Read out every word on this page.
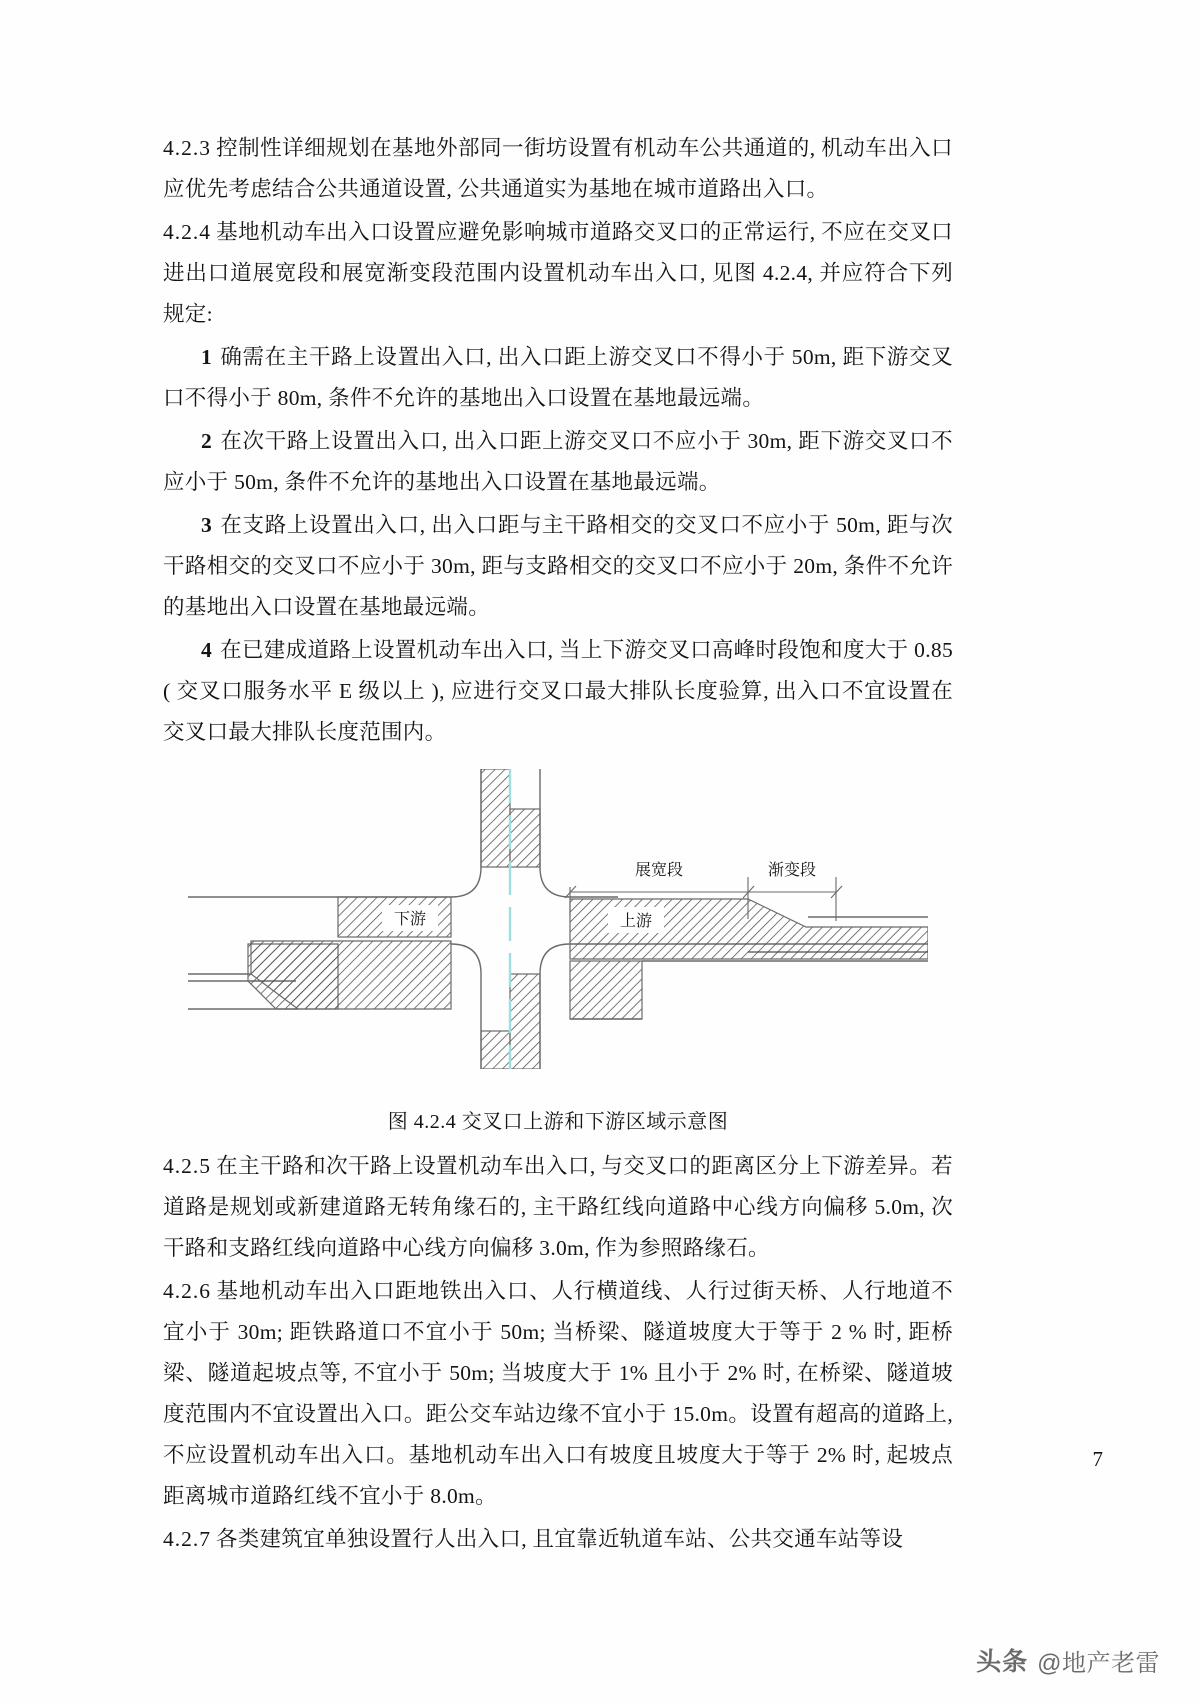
4.2.3 控制性详细规划在基地外部同一街坊设置有机动车公共通道的, 机动车出入口应优先考虑结合公共通道设置, 公共通道实为基地在城市道路出入口。

4.2.4 基地机动车出入口设置应避免影响城市道路交叉口的正常运行, 不应在交叉口进出口道展宽段和展宽渐变段范围内设置机动车出入口, 见图 4.2.4, 并应符合下列规定:

1 确需在主干路上设置出入口, 出入口距上游交叉口不得小于 50m, 距下游交叉口不得小于 80m, 条件不允许的基地出入口设置在基地最远端。

2 在次干路上设置出入口, 出入口距上游交叉口不应小于 30m, 距下游交叉口不应小于 50m, 条件不允许的基地出入口设置在基地最远端。

3 在支路上设置出入口, 出入口距与主干路相交的交叉口不应小于 50m, 距与次干路相交的交叉口不应小于 30m, 距与支路相交的交叉口不应小于 20m, 条件不允许的基地出入口设置在基地最远端。

4 在已建成道路上设置机动车出入口, 当上下游交叉口高峰时段饱和度大于 0.85 ( 交叉口服务水平 E 级以上 ), 应进行交叉口最大排队长度验算, 出入口不宜设置在交叉口最大排队长度范围内。

展宽段	渐变段
下游	上游
图 4.2.4 交叉口上游和下游区域示意图

4.2.5 在主干路和次干路上设置机动车出入口, 与交叉口的距离区分上下游差异。若道路是规划或新建道路无转角缘石的, 主干路红线向道路中心线方向偏移 5.0m, 次干路和支路红线向道路中心线方向偏移 3.0m, 作为参照路缘石。

4.2.6 基地机动车出入口距地铁出入口、人行横道线、人行过街天桥、人行地道不宜小于 30m; 距铁路道口不宜小于 50m; 当桥梁、隧道坡度大于等于 2 % 时, 距桥梁、隧道起坡点等, 不宜小于 50m; 当坡度大于 1% 且小于 2% 时, 在桥梁、隧道坡度范围内不宜设置出入口。距公交车站边缘不宜小于 15.0m。设置有超高的道路上, 不应设置机动车出入口。基地机动车出入口有坡度且坡度大于等于 2% 时, 起坡点距离城市道路红线不宜小于 8.0m。

4.2.7 各类建筑宜单独设置行人出入口, 且宜靠近轨道车站、公共交通车站等设

7
头条 @地产老雷
